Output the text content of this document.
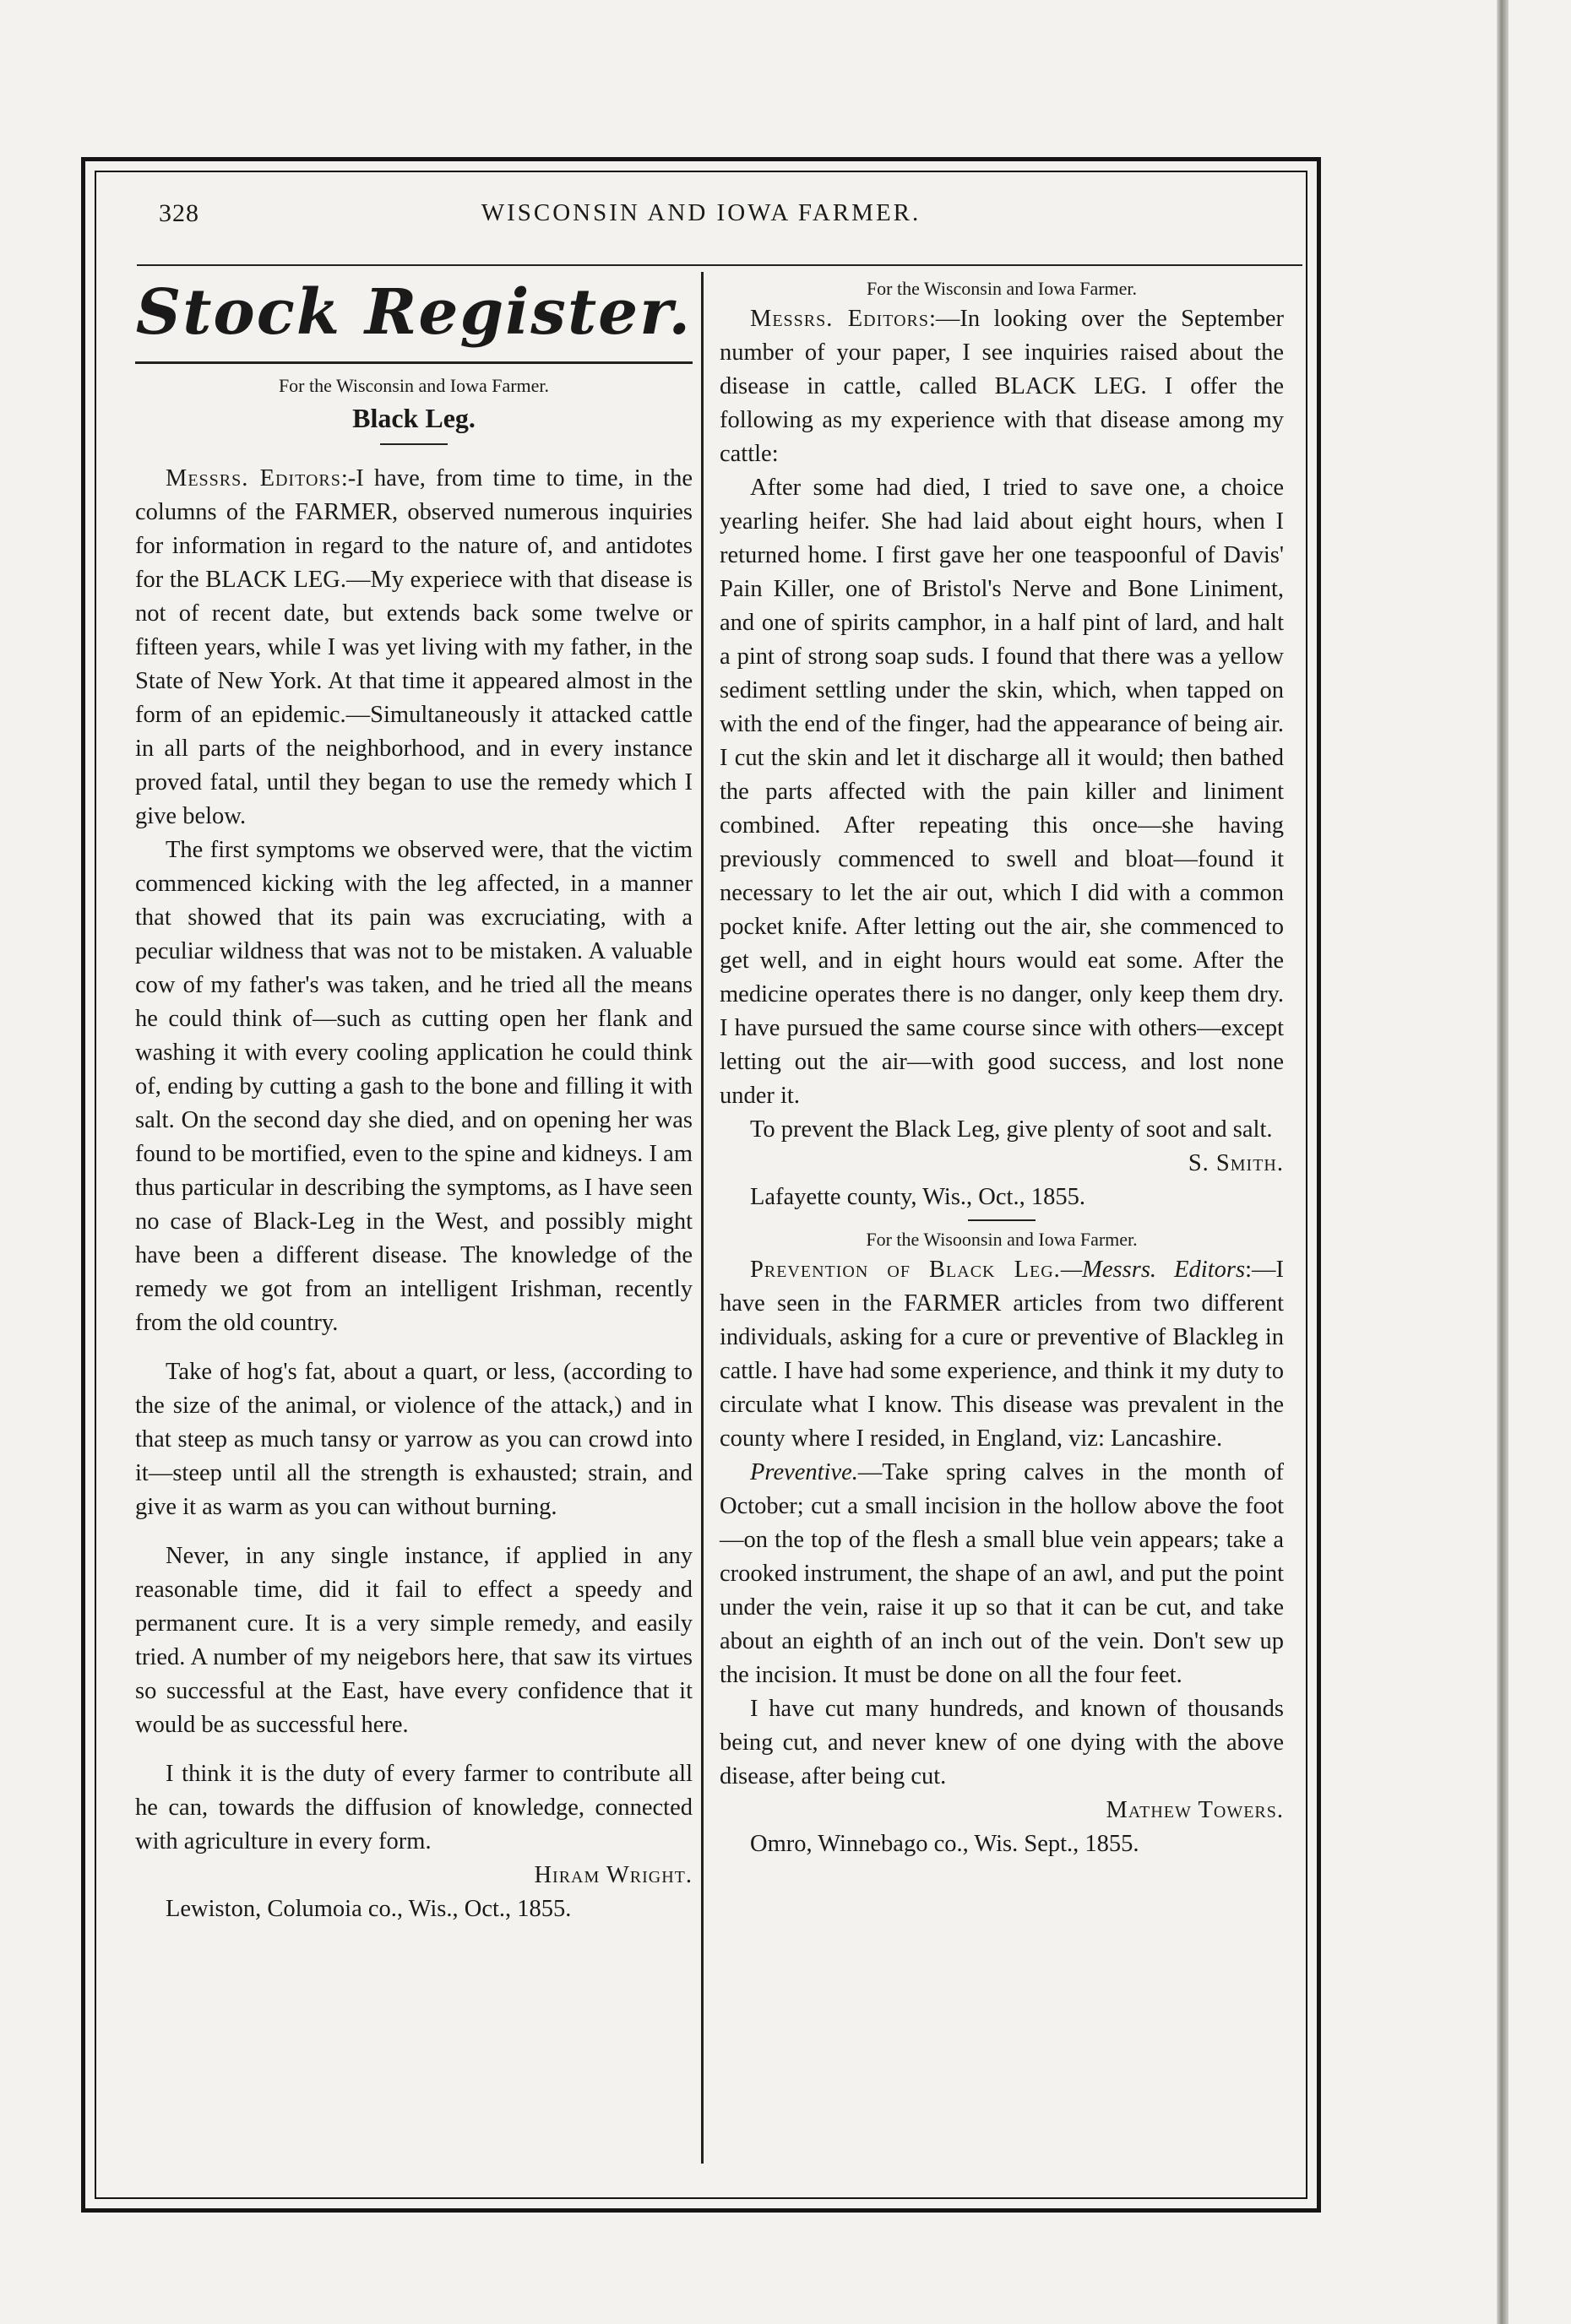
328	WISCONSIN AND IOWA FARMER.
Stock Register.
For the Wisconsin and Iowa Farmer.
Black Leg.

Messrs. Editors:-I have, from time to time, in the columns of the FARMER, observed numerous inquiries for information in regard to the nature of, and antidotes for the BLACK LEG.—My experiece with that disease is not of recent date, but extends back some twelve or fifteen years, while I was yet living with my father, in the State of New York. At that time it appeared almost in the form of an epidemic.—Simultaneously it attacked cattle in all parts of the neighborhood, and in every instance proved fatal, until they began to use the remedy which I give below.

The first symptoms we observed were, that the victim commenced kicking with the leg affected, in a manner that showed that its pain was excruciating, with a peculiar wildness that was not to be mistaken. A valuable cow of my father's was taken, and he tried all the means he could think of—such as cutting open her flank and washing it with every cooling application he could think of, ending by cutting a gash to the bone and filling it with salt. On the second day she died, and on opening her was found to be mortified, even to the spine and kidneys. I am thus particular in describing the symptoms, as I have seen no case of Black-Leg in the West, and possibly might have been a different disease. The knowledge of the remedy we got from an intelligent Irishman, recently from the old country.

Take of hog's fat, about a quart, or less, (according to the size of the animal, or violence of the attack,) and in that steep as much tansy or yarrow as you can crowd into it—steep until all the strength is exhausted; strain, and give it as warm as you can without burning.

Never, in any single instance, if applied in any reasonable time, did it fail to effect a speedy and permanent cure. It is a very simple remedy, and easily tried. A number of my neigebors here, that saw its virtues so successful at the East, have every confidence that it would be as successful here.

I think it is the duty of every farmer to contribute all he can, towards the diffusion of knowledge, connected with agriculture in every form.

Hiram Wright.

Lewiston, Columoia co., Wis., Oct., 1855.

For the Wisconsin and Iowa Farmer.

Messrs. Editors:—In looking over the September number of your paper, I see inquiries raised about the disease in cattle, called BLACK LEG. I offer the following as my experience with that disease among my cattle:

After some had died, I tried to save one, a choice yearling heifer. She had laid about eight hours, when I returned home. I first gave her one teaspoonful of Davis' Pain Killer, one of Bristol's Nerve and Bone Liniment, and one of spirits camphor, in a half pint of lard, and halt a pint of strong soap suds. I found that there was a yellow sediment settling under the skin, which, when tapped on with the end of the finger, had the appearance of being air. I cut the skin and let it discharge all it would; then bathed the parts affected with the pain killer and liniment combined. After repeating this once—she having previously commenced to swell and bloat—found it necessary to let the air out, which I did with a common pocket knife. After letting out the air, she commenced to get well, and in eight hours would eat some. After the medicine operates there is no danger, only keep them dry. I have pursued the same course since with others—except letting out the air—with good success, and lost none under it.

To prevent the Black Leg, give plenty of soot and salt.

S. Smith.

Lafayette county, Wis., Oct., 1855.

For the Wisoonsin and Iowa Farmer.

Prevention of Black Leg.—Messrs. Editors:—I have seen in the FARMER articles from two different individuals, asking for a cure or preventive of Blackleg in cattle. I have had some experience, and think it my duty to circulate what I know. This disease was prevalent in the county where I resided, in England, viz: Lancashire.

Preventive.—Take spring calves in the month of October; cut a small incision in the hollow above the foot—on the top of the flesh a small blue vein appears; take a crooked instrument, the shape of an awl, and put the point under the vein, raise it up so that it can be cut, and take about an eighth of an inch out of the vein. Don't sew up the incision. It must be done on all the four feet.

I have cut many hundreds, and known of thousands being cut, and never knew of one dying with the above disease, after being cut.

Mathew Towers.

Omro, Winnebago co., Wis. Sept., 1855.
